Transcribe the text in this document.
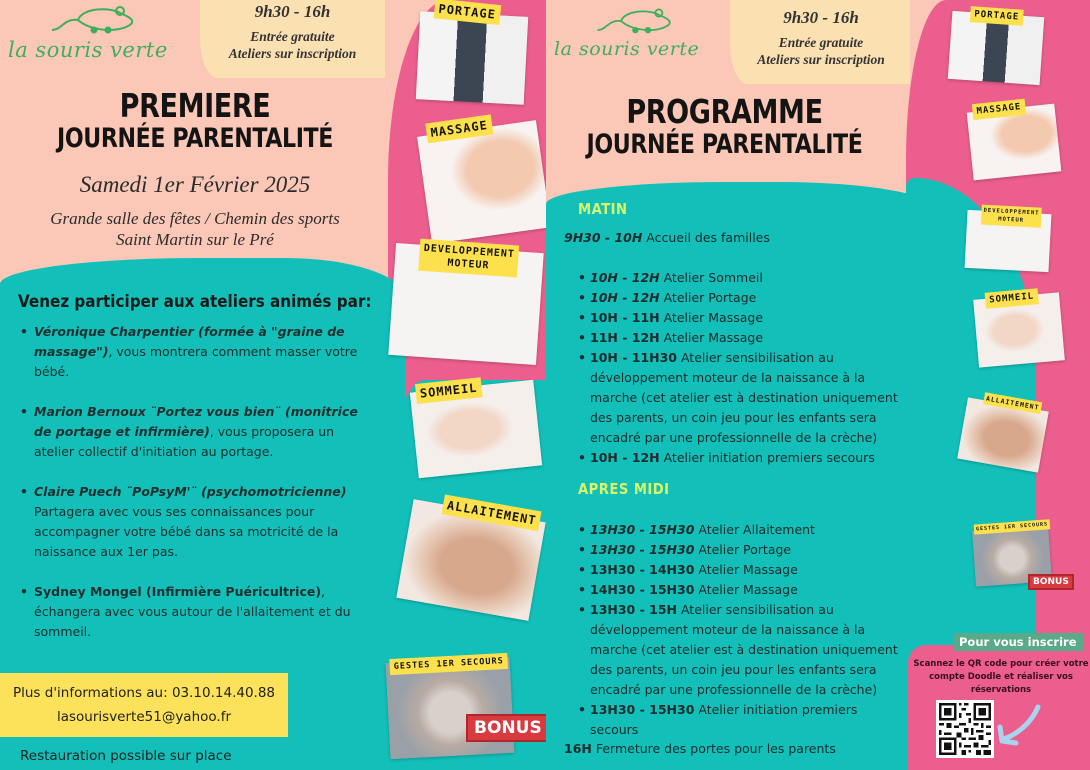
la souris verte
9h30 - 16h
Entrée gratuite
Ateliers sur inscription
PREMIERE
JOURNÉE PARENTALITÉ
Samedi 1er Février 2025
Grande salle des fêtes / Chemin des sports
Saint Martin sur le Pré
Venez participer aux ateliers animés par:
• Véronique Charpentier (formée à "graine de massage"), vous montrera comment masser votre bébé.
• Marion Bernoux ¨Portez vous bien¨ (monitrice de portage et infirmière), vous proposera un atelier collectif d'initiation au portage.
• Claire Puech ¨PoPsyM'¨ (psychomotricienne) Partagera avec vous ses connaissances pour accompagner votre bébé dans sa motricité de la naissance aux 1er pas.
• Sydney Mongel (Infirmière Puéricultrice), échangera avec vous autour de l'allaitement et du sommeil.
Plus d'informations au: 03.10.14.40.88
lasourisverte51@yahoo.fr
Restauration possible sur place
PORTAGE
MASSAGE
DEVELOPPEMENT
MOTEUR
SOMMEIL
ALLAITEMENT
GESTES 1ER SECOURS
BONUS
la souris verte
9h30 - 16h
Entrée gratuite
Ateliers sur inscription
PROGRAMME
JOURNÉE PARENTALITÉ
MATIN
9H30 - 10H Accueil des familles
• 10H - 12H Atelier Sommeil
• 10H - 12H Atelier Portage
• 10H - 11H Atelier Massage
• 11H - 12H Atelier Massage
• 10H - 11H30 Atelier sensibilisation au développement moteur de la naissance à la marche (cet atelier est à destination uniquement des parents, un coin jeu pour les enfants sera encadré par une professionnelle de la crèche)
• 10H - 12H Atelier initiation premiers secours
APRES MIDI
• 13H30 - 15H30 Atelier Allaitement
• 13H30 - 15H30 Atelier Portage
• 13H30 - 14H30 Atelier Massage
• 14H30 - 15H30 Atelier Massage
• 13H30 - 15H Atelier sensibilisation au développement moteur de la naissance à la marche (cet atelier est à destination uniquement des parents, un coin jeu pour les enfants sera encadré par une professionnelle de la crèche)
• 13H30 - 15H30 Atelier initiation premiers secours
16H Fermeture des portes pour les parents
PORTAGE
MASSAGE
DEVELOPPEMENT
MOTEUR
SOMMEIL
ALLAITEMENT
GESTES 1ER SECOURS
BONUS
Pour vous inscrire
Scannez le QR code pour créer votre compte Doodle et réaliser vos réservations
